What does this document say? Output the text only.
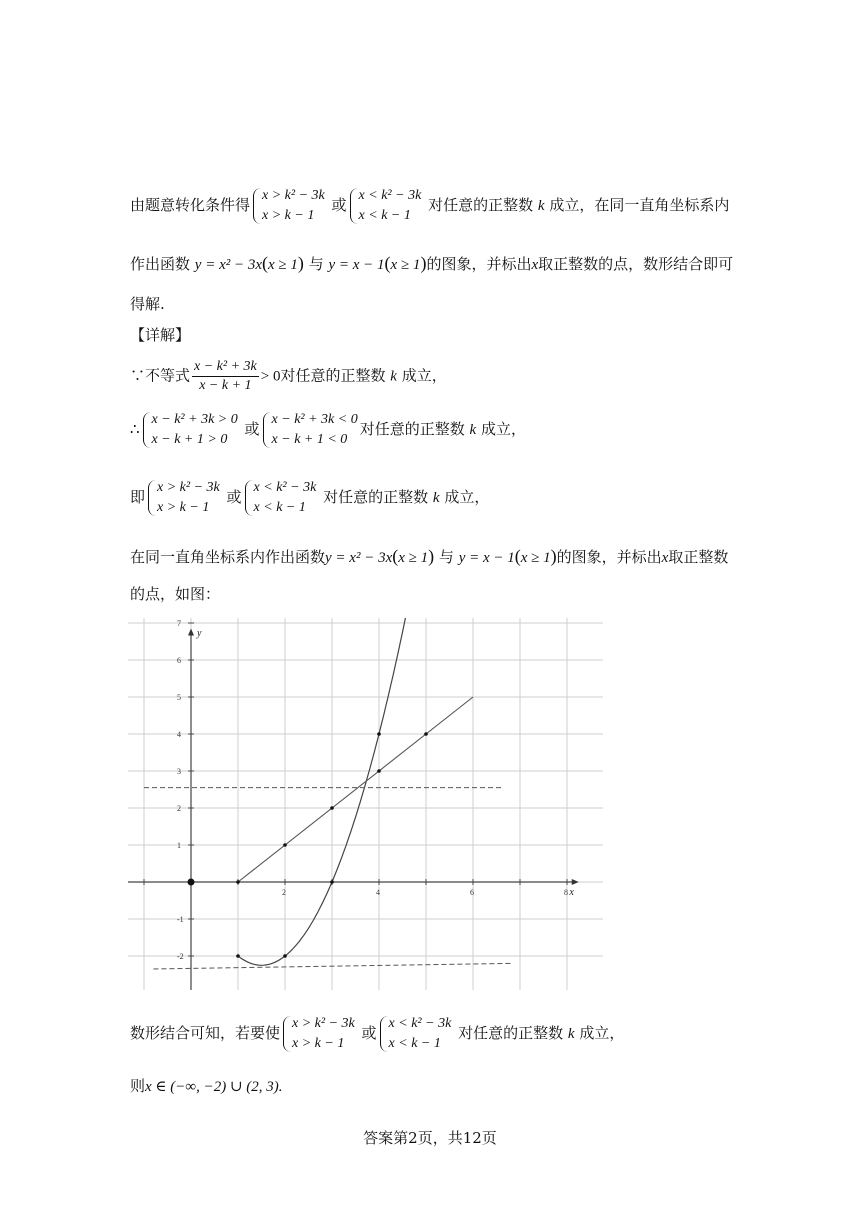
由题意转化条件得
x > k² − 3k
x > k − 1
或
x < k² − 3k
x < k − 1
对任意的正整数 k 成立，在同一直角坐标系内
作出函数 y = x² − 3x(x ≥ 1) 与 y = x − 1(x ≥ 1)的图象，并标出x取正整数的点，数形结合即可
得解.
【详解】
∵不等式 $\frac{\text{x − k² + 3k}}{x - k + 1} > 0$对任意的正整数 k 成立，
∴
x − k² + 3k > 0
x − k + 1 > 0
或
x − k² + 3k < 0
x − k + 1 < 0
对任意的正整数 k 成立，
即
x > k² − 3k
x > k − 1
或
x < k² − 3k
x < k − 1
对任意的正整数 k 成立，
在同一直角坐标系内作出函数y = x² − 3x(x ≥ 1) 与 y = x − 1(x ≥ 1)的图象，并标出x取正整数
的点，如图：
2	4	6	8
-2
-1
1
2
3
4
5
6
7
x
y
数形结合可知，若要使
x > k² − 3k
x > k − 1
或
x < k² − 3k
x < k − 1
对任意的正整数 k 成立，
则x ∈ (−∞, −2) ∪ (2, 3).
答案第2页，共12页
